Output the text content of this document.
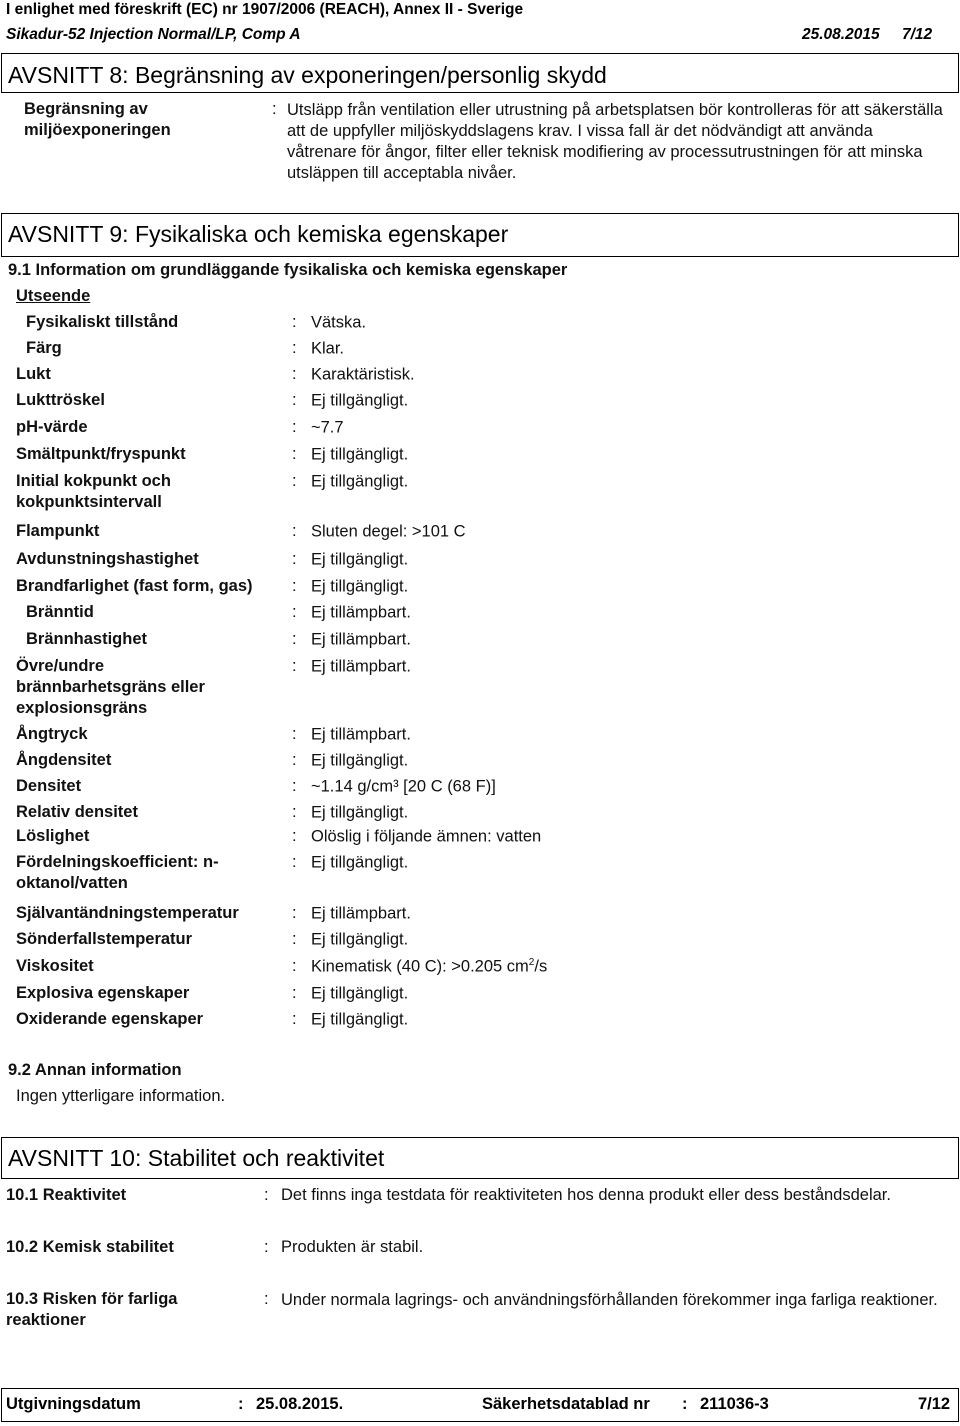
I enlighet med föreskrift (EC) nr 1907/2006 (REACH), Annex II - Sverige
Sikadur-52 Injection Normal/LP, Comp A	25.08.2015 7/12
AVSNITT 8: Begränsning av exponeringen/personlig skydd
Begränsning av
miljöexponeringen
: Utsläpp från ventilation eller utrustning på arbetsplatsen bör kontrolleras för att säkerställa att de uppfyller miljöskyddslagens krav. I vissa fall är det nödvändigt att använda våtrenare för ångor, filter eller teknisk modifiering av processutrustningen för att minska utsläppen till acceptabla nivåer.
AVSNITT 9: Fysikaliska och kemiska egenskaper
9.1 Information om grundläggande fysikaliska och kemiska egenskaper
Utseende
Fysikaliskt tillstånd	: Vätska.
Färg	: Klar.
Lukt	: Karaktäristisk.
Lukttröskel	: Ej tillgängligt.
pH-värde	: ~7.7
Smältpunkt/fryspunkt	: Ej tillgängligt.
Initial kokpunkt och
kokpunktsintervall
: Ej tillgängligt.
Flampunkt	: Sluten degel: >101 C
Avdunstningshastighet	: Ej tillgängligt.
Brandfarlighet (fast form, gas) : Ej tillgängligt.
Bränntid	: Ej tillämpbart.
Brännhastighet	: Ej tillämpbart.
Övre/undre
brännbarhetsgräns eller
explosionsgräns
: Ej tillämpbart.
Ångtryck	: Ej tillämpbart.
Ångdensitet	: Ej tillgängligt.
Densitet	: ~1.14 g/cm³ [20 C (68 F)]
Relativ densitet	: Ej tillgängligt.
Löslighet	: Olöslig i följande ämnen: vatten
Fördelningskoefficient: n-
oktanol/vatten
: Ej tillgängligt.
Självantändningstemperatur	: Ej tillämpbart.
Sönderfallstemperatur	: Ej tillgängligt.
Viskositet	: Kinematisk (40 C): >0.205 $cm^2/s$
Explosiva egenskaper	: Ej tillgängligt.
Oxiderande egenskaper	: Ej tillgängligt.
9.2 Annan information
Ingen ytterligare information.
AVSNITT 10: Stabilitet och reaktivitet
10.1 Reaktivitet	: Det finns inga testdata för reaktiviteten hos denna produkt eller dess beståndsdelar.
10.2 Kemisk stabilitet	: Produkten är stabil.
10.3 Risken för farliga
reaktioner
: Under normala lagrings- och användningsförhållanden förekommer inga farliga reaktioner.
Utgivningsdatum	: 25.08.2015.	Säkerhetsdatablad nr : 211036-3	7/12
